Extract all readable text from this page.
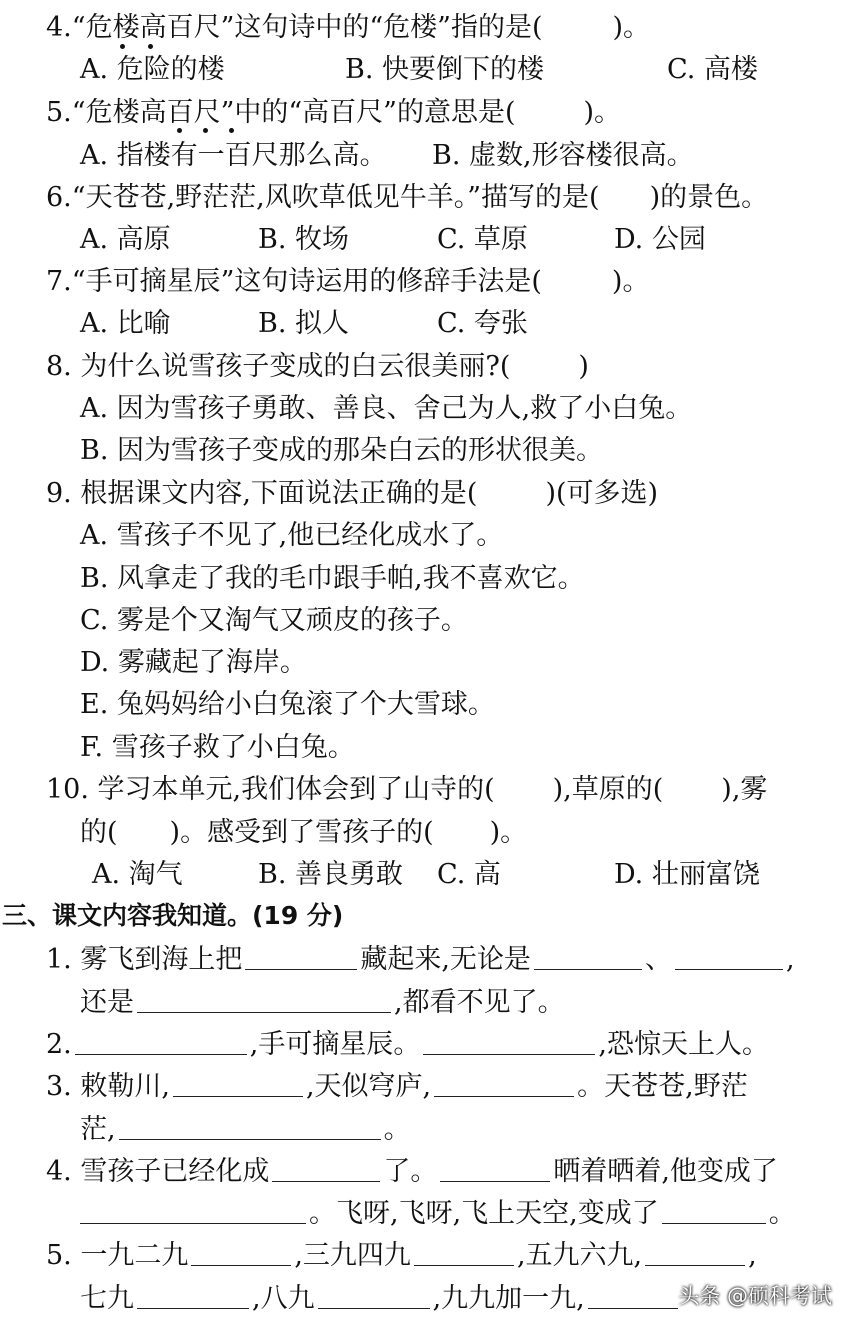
4.“危楼高百尺”这句诗中的“危楼”指的是(	)。
A. 危险的楼	B. 快要倒下的楼	C. 高楼
5.“危楼高百尺”中的“高百尺”的意思是(	)。
A. 指楼有一百尺那么高。 B. 虚数,形容楼很高。
6.“天苍苍,野茫茫,风吹草低见牛羊。”描写的是( )的景色。
A. 高原	B. 牧场	C. 草原	D. 公园
7.“手可摘星辰”这句诗运用的修辞手法是(	)。
A. 比喻	B. 拟人	C. 夸张
8. 为什么说雪孩子变成的白云很美丽?(	)
A. 因为雪孩子勇敢、善良、舍己为人,救了小白兔。
B. 因为雪孩子变成的那朵白云的形状很美。
9. 根据课文内容,下面说法正确的是(	)(可多选)
A. 雪孩子不见了,他已经化成水了。
B. 风拿走了我的毛巾跟手帕,我不喜欢它。
C. 雾是个又淘气又顽皮的孩子。
D. 雾藏起了海岸。
E. 兔妈妈给小白兔滚了个大雪球。
F. 雪孩子救了小白兔。
10. 学习本单元,我们体会到了山寺的( ),草原的( ),雾
的( )。感受到了雪孩子的( )。
A. 淘气	B. 善良勇敢 C. 高	D. 壮丽富饶
三、课文内容我知道。(19 分)
1. 雾飞到海上把	藏起来,无论是	、	,
还是	,都看不见了。
2.	,手可摘星辰。	,恐惊天上人。
3. 敕勒川,	,天似穹庐,	。天苍苍,野茫
茫,	。
4. 雪孩子已经化成	了。	晒着晒着,他变成了
。飞呀,飞呀,飞上天空,变成了	。
5. 一九二九	,三九四九	,五九六九,	,
七九	,八九	,九九加一九,	头条 @硕科考试
